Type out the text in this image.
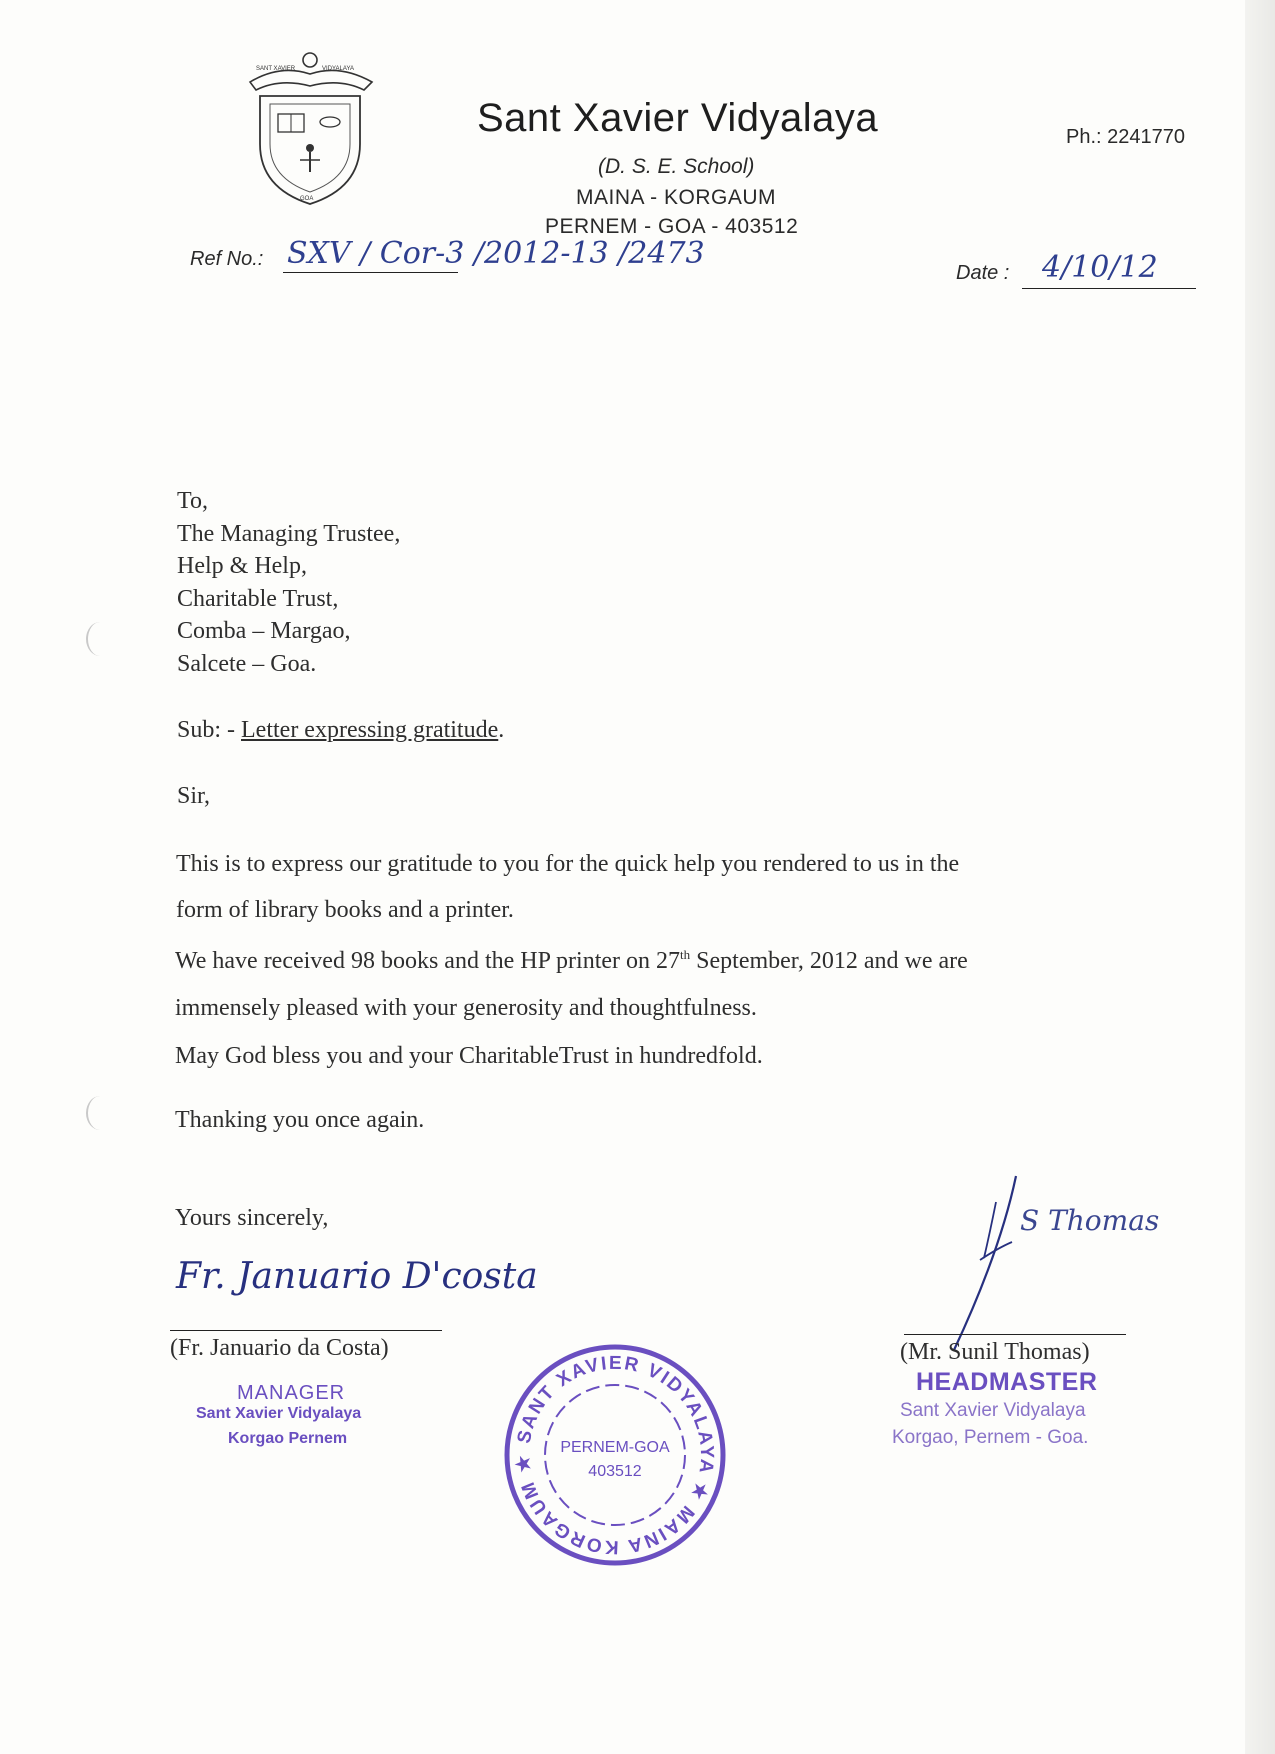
SANT XAVIER	VIDYALAYA
GOA
Sant Xavier Vidyalaya
(D. S. E. School)
MAINA - KORGAUM
PERNEM - GOA - 403512
Ph.: 2241770
Ref No.: SXV / Cor-3 /2012-13 /2473
Date : 4/10/12
To,
The Managing Trustee,
Help & Help,
Charitable Trust,
Comba – Margao,
Salcete – Goa.
Sub: - Letter expressing gratitude.
Sir,
This is to express our gratitude to you for the quick help you rendered to us in the
form of library books and a printer.
We have received 98 books and the HP printer on 27th September, 2012 and we are
immensely pleased with your generosity and thoughtfulness.
May God bless you and your CharitableTrust in hundredfold.
Thanking you once again.
Yours sincerely,
Fr. Januario D'costa
(Fr. Januario da Costa)
MANAGER
Sant Xavier Vidyalaya
Korgao Pernem	SANT XAVIER VIDYALAYA ★ MAINA KORGAUM ★
PERNEM-GOA
403512
S Thomas
(Mr. Sunil Thomas)
HEADMASTER
Sant Xavier Vidyalaya
Korgao, Pernem - Goa.
